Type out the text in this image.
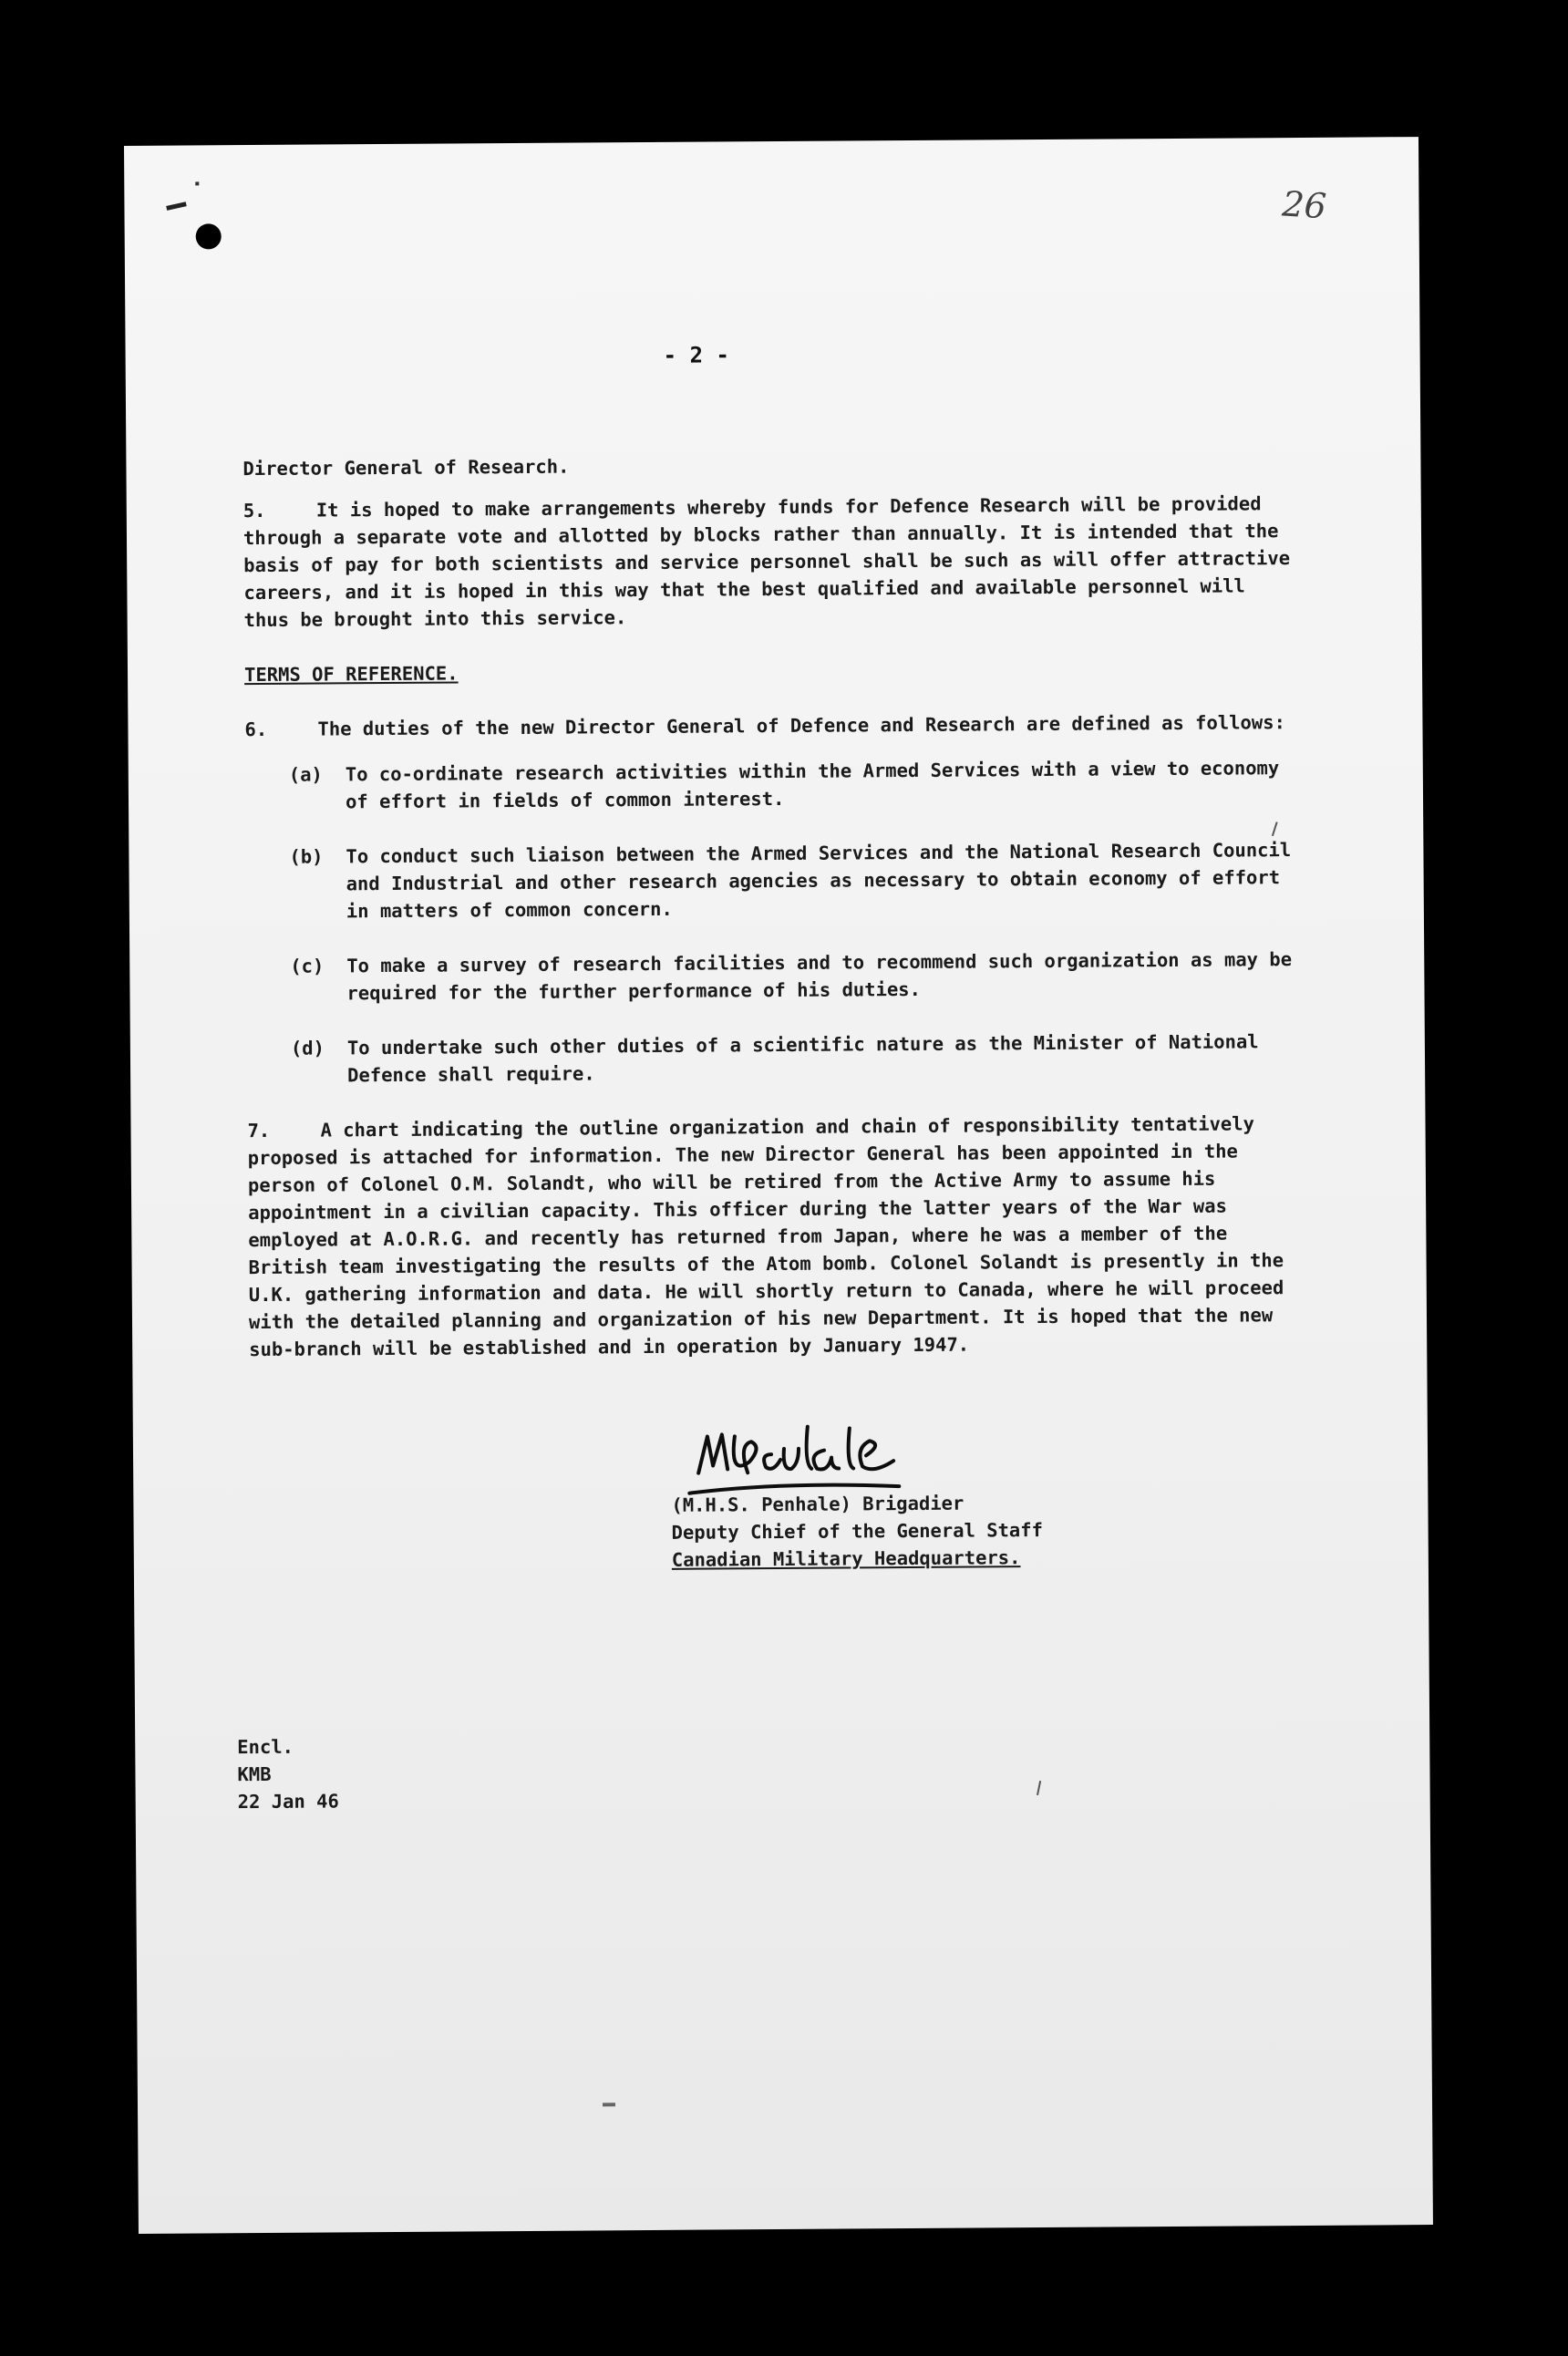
26
- 2 -

Director General of Research.

5.	It is hoped to make arrangements whereby funds for Defence Research will be provided through a separate vote and allotted by blocks rather than annually. It is intended that the basis of pay for both scientists and service personnel shall be such as will offer attractive careers, and it is hoped in this way that the best qualified and available personnel will thus be brought into this service.

TERMS OF REFERENCE.

6.	The duties of the new Director General of Defence and Research are defined as follows:

(a)	To co-ordinate research activities within the Armed Services with a view to economy of effort in fields of common interest.
(b)	To conduct such liaison between the Armed Services and the National Research Council and Industrial and other research agencies as necessary to obtain economy of effort in matters of common concern.
(c)	To make a survey of research facilities and to recommend such organization as may be required for the further performance of his duties.
(d)	To undertake such other duties of a scientific nature as the Minister of National Defence shall require.

7.	A chart indicating the outline organization and chain of responsibility tentatively proposed is attached for information. The new Director General has been appointed in the person of Colonel O.M. Solandt, who will be retired from the Active Army to assume his appointment in a civilian capacity. This officer during the latter years of the War was employed at A.O.R.G. and recently has returned from Japan, where he was a member of the British team investigating the results of the Atom bomb. Colonel Solandt is presently in the U.K. gathering information and data. He will shortly return to Canada, where he will proceed with the detailed planning and organization of his new Department. It is hoped that the new sub-branch will be established and in operation by January 1947.

(M.H.S. Penhale) Brigadier

Deputy Chief of the General Staff

Canadian Military Headquarters.

Encl.

KMB

22 Jan 46
